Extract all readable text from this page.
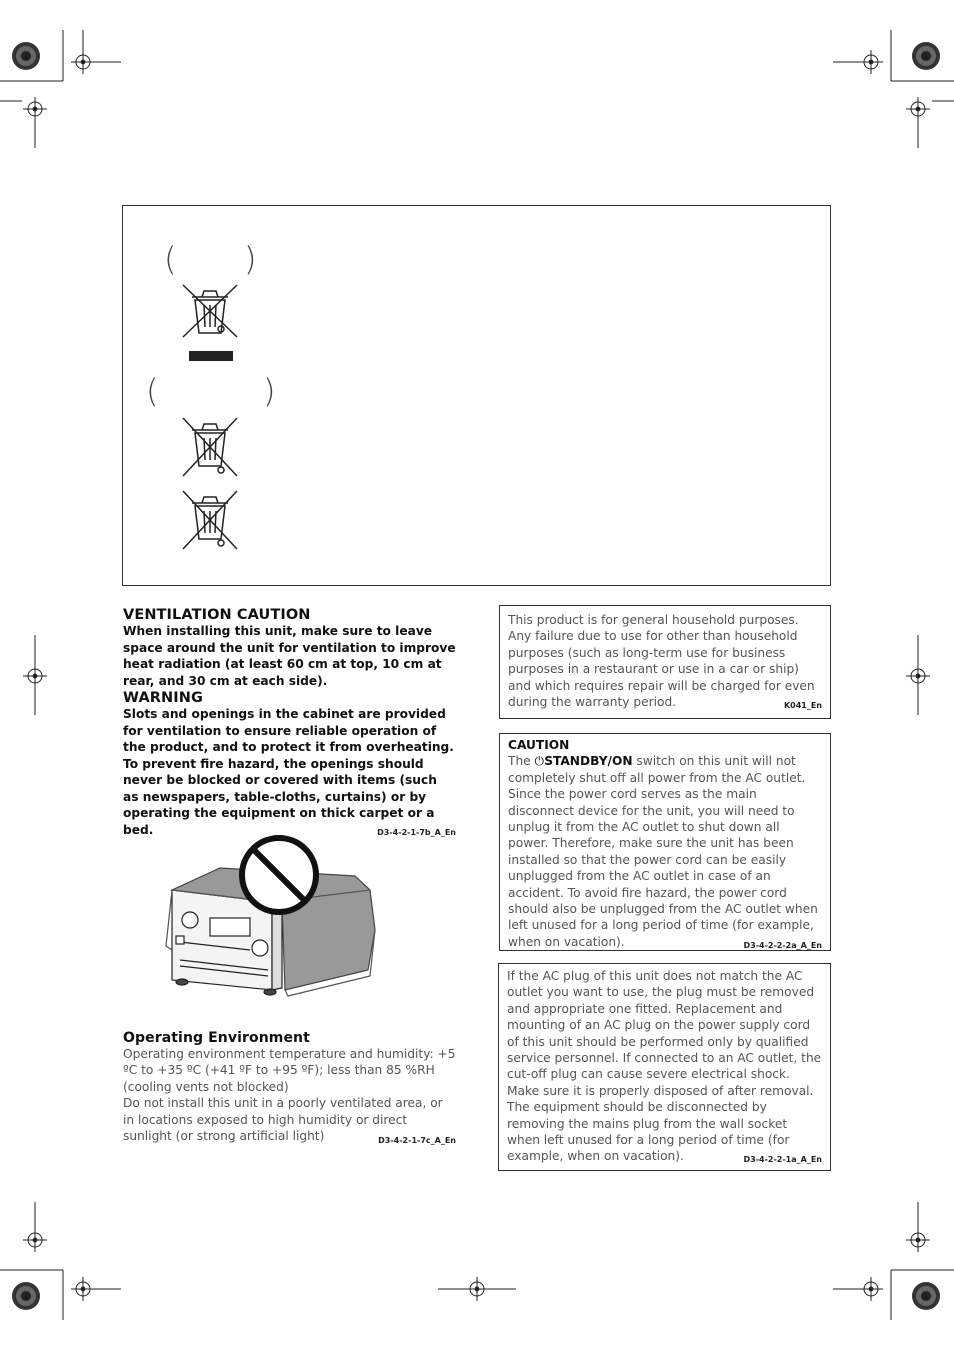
( )
(	)
VENTILATION CAUTION

When installing this unit, make sure to leave space around the unit for ventilation to improve heat radiation (at least 60 cm at top, 10 cm at rear, and 30 cm at each side).

WARNING

Slots and openings in the cabinet are provided for ventilation to ensure reliable operation of the product, and to protect it from overheating. To prevent fire hazard, the openings should never be blocked or covered with items (such as newspapers, table-cloths, curtains) or by operating the equipment on thick carpet or a bed.	D3-4-2-1-7b_A_En

Operating Environment

Operating environment temperature and humidity: +5 ºC to +35 ºC (+41 ºF to +95 ºF); less than 85 %RH (cooling vents not blocked)

Do not install this unit in a poorly ventilated area, or in locations exposed to high humidity or direct sunlight (or strong artificial light)	D3-4-2-1-7c_A_En

This product is for general household purposes. Any failure due to use for other than household purposes (such as long-term use for business purposes in a restaurant or use in a car or ship) and which requires repair will be charged for even during the warranty period.	K041_En

CAUTION

The ⏻STANDBY/ON switch on this unit will not completely shut off all power from the AC outlet. Since the power cord serves as the main disconnect device for the unit, you will need to unplug it from the AC outlet to shut down all power. Therefore, make sure the unit has been installed so that the power cord can be easily unplugged from the AC outlet in case of an accident. To avoid fire hazard, the power cord should also be unplugged from the AC outlet when left unused for a long period of time (for example, when on vacation).	D3-4-2-2-2a_A_En

If the AC plug of this unit does not match the AC outlet you want to use, the plug must be removed and appropriate one fitted. Replacement and mounting of an AC plug on the power supply cord of this unit should be performed only by qualified service personnel. If connected to an AC outlet, the cut-off plug can cause severe electrical shock. Make sure it is properly disposed of after removal.

The equipment should be disconnected by removing the mains plug from the wall socket when left unused for a long period of time (for example, when on vacation).	D3-4-2-2-1a_A_En
